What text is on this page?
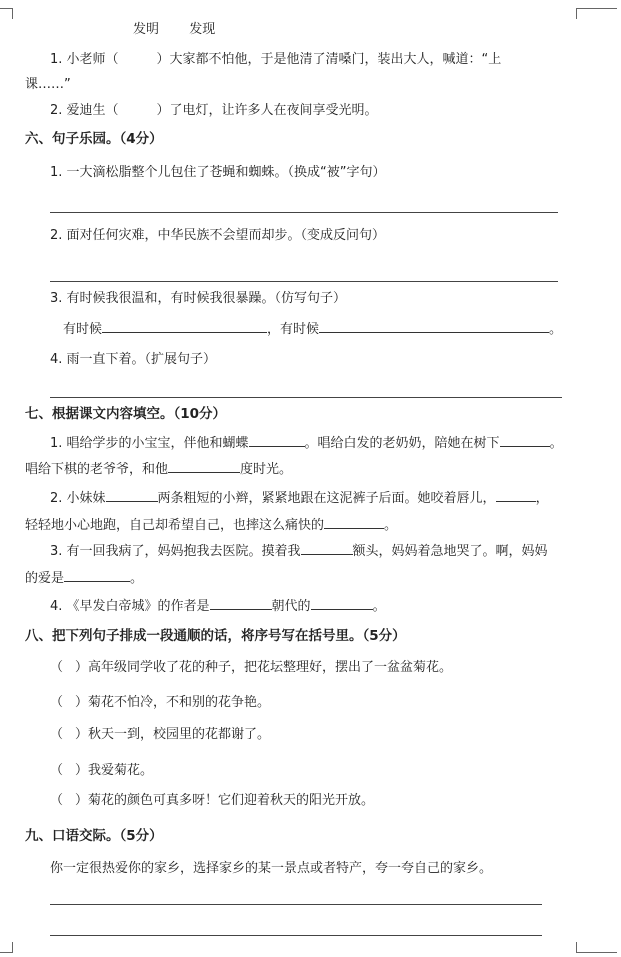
发明 发现
1. 小老师（	）大家都不怕他，于是他清了清嗓门，装出大人，喊道：“上
课……”
2. 爱迪生（	）了电灯，让许多人在夜间享受光明。
六、句子乐园。（4分）
1. 一大滴松脂整个儿包住了苍蝇和蜘蛛。（换成“被”字句）
2. 面对任何灾难，中华民族不会望而却步。（变成反问句）
3. 有时候我很温和，有时候我很暴躁。（仿写句子）
有时候	，有时候	。
4. 雨一直下着。（扩展句子）
七、根据课文内容填空。（10分）
1. 唱给学步的小宝宝，伴他和蝴蝶	。唱给白发的老奶奶，陪她在树下	。
唱给下棋的老爷爷，和他	度时光。
2. 小妹妹	两条粗短的小辫，紧紧地跟在这泥裤子后面。她咬着唇儿，	，
轻轻地小心地跑，自己却希望自己，也摔这么痛快的	。
3. 有一回我病了，妈妈抱我去医院。摸着我	额头，妈妈着急地哭了。啊，妈妈
的爱是	。
4. 《早发白帝城》的作者是	朝代的	。
八、把下列句子排成一段通顺的话，将序号写在括号里。（5分）
（ ）高年级同学收了花的种子，把花坛整理好，摆出了一盆盆菊花。
（ ）菊花不怕冷，不和别的花争艳。
（ ）秋天一到，校园里的花都谢了。
（ ）我爱菊花。
（ ）菊花的颜色可真多呀！它们迎着秋天的阳光开放。
九、口语交际。（5分）
你一定很热爱你的家乡，选择家乡的某一景点或者特产，夸一夸自己的家乡。
